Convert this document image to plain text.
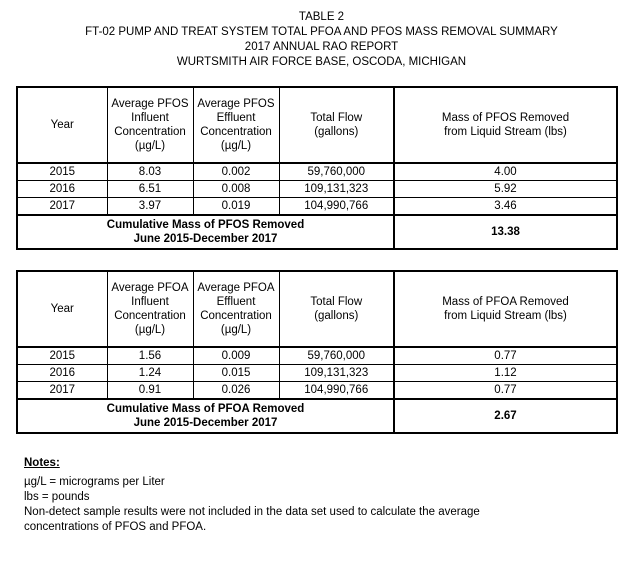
TABLE 2
FT-02 PUMP AND TREAT SYSTEM TOTAL PFOA AND PFOS MASS REMOVAL SUMMARY
2017 ANNUAL RAO REPORT
WURTSMITH AIR FORCE BASE, OSCODA, MICHIGAN
Year	Average PFOS Influent Concentration (µg/L)	Average PFOS Effluent Concentration (µg/L)	Total Flow (gallons)	Mass of PFOS Removed from Liquid Stream (lbs)
2015	8.03	0.002	59,760,000	4.00
2016	6.51	0.008	109,131,323	5.92
2017	3.97	0.019	104,990,766	3.46

Cumulative Mass of PFOS Removed
June 2015-December 2017				13.38
Year	Average PFOA Influent Concentration (µg/L)	Average PFOA Effluent Concentration (µg/L)	Total Flow (gallons)	Mass of PFOA Removed from Liquid Stream (lbs)
2015	1.56	0.009	59,760,000	0.77
2016	1.24	0.015	109,131,323	1.12
2017	0.91	0.026	104,990,766	0.77

Cumulative Mass of PFOA Removed
June 2015-December 2017				2.67
Notes:
µg/L = micrograms per Liter
lbs = pounds
Non-detect sample results were not included in the data set used to calculate the average concentrations of PFOS and PFOA.
